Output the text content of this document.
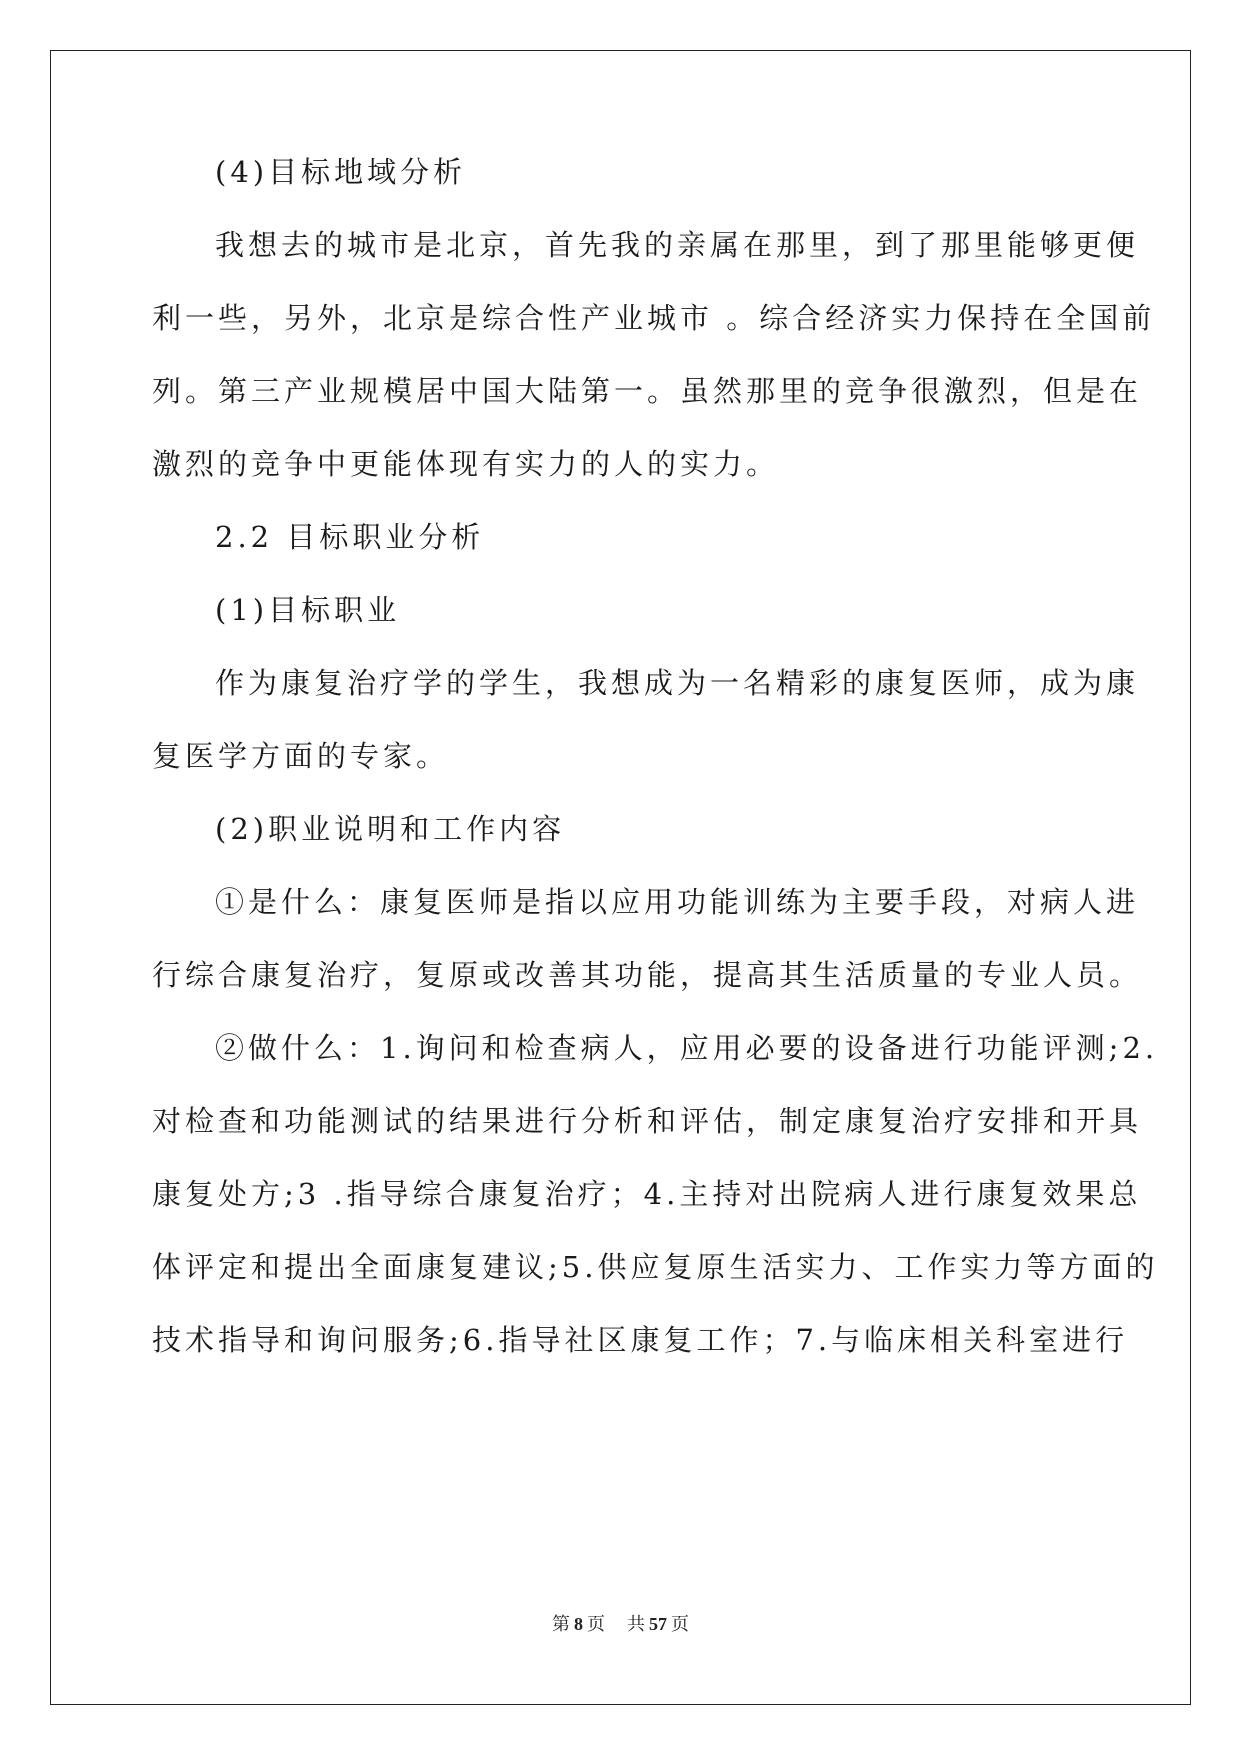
(4)目标地域分析
我想去的城市是北京，首先我的亲属在那里，到了那里能够更便
利一些，另外，北京是综合性产业城市 。综合经济实力保持在全国前
列。第三产业规模居中国大陆第一。虽然那里的竞争很激烈，但是在
激烈的竞争中更能体现有实力的人的实力。
2.2 目标职业分析
(1)目标职业
作为康复治疗学的学生，我想成为一名精彩的康复医师，成为康
复医学方面的专家。
(2)职业说明和工作内容
①是什么：康复医师是指以应用功能训练为主要手段，对病人进
行综合康复治疗，复原或改善其功能，提高其生活质量的专业人员。
②做什么：1.询问和检查病人，应用必要的设备进行功能评测;2.
对检查和功能测试的结果进行分析和评估，制定康复治疗安排和开具
康复处方;3 .指导综合康复治疗；4.主持对出院病人进行康复效果总
体评定和提出全面康复建议;5.供应复原生活实力、工作实力等方面的
技术指导和询问服务;6.指导社区康复工作；7.与临床相关科室进行
第 8 页 共 57 页
